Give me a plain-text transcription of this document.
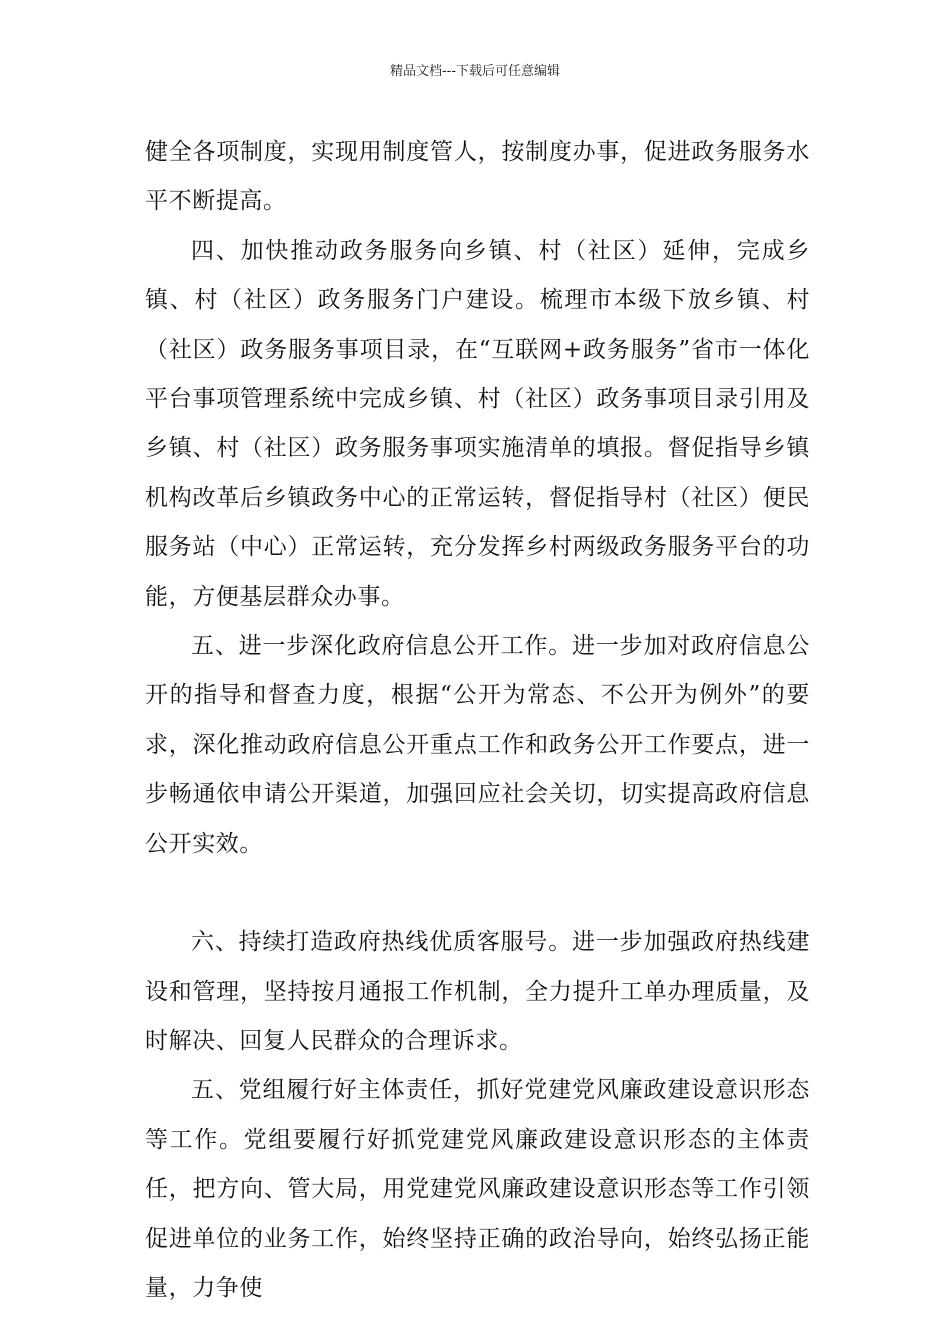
精品文档---下载后可任意编辑

健全各项制度，实现用制度管人，按制度办事，促进政务服务水平不断提高。

四、加快推动政务服务向乡镇、村（社区）延伸，完成乡镇、村（社区）政务服务门户建设。梳理市本级下放乡镇、村（社区）政务服务事项目录，在“互联网+政务服务”省市一体化平台事项管理系统中完成乡镇、村（社区）政务事项目录引用及乡镇、村（社区）政务服务事项实施清单的填报。督促指导乡镇机构改革后乡镇政务中心的正常运转，督促指导村（社区）便民服务站（中心）正常运转，充分发挥乡村两级政务服务平台的功能，方便基层群众办事。

五、进一步深化政府信息公开工作。进一步加对政府信息公开的指导和督查力度，根据“公开为常态、不公开为例外”的要求，深化推动政府信息公开重点工作和政务公开工作要点，进一步畅通依申请公开渠道，加强回应社会关切，切实提高政府信息公开实效。

六、持续打造政府热线优质客服号。进一步加强政府热线建设和管理，坚持按月通报工作机制，全力提升工单办理质量，及时解决、回复人民群众的合理诉求。

五、党组履行好主体责任，抓好党建党风廉政建设意识形态等工作。党组要履行好抓党建党风廉政建设意识形态的主体责任，把方向、管大局，用党建党风廉政建设意识形态等工作引领促进单位的业务工作，始终坚持正确的政治导向，始终弘扬正能量，力争使
